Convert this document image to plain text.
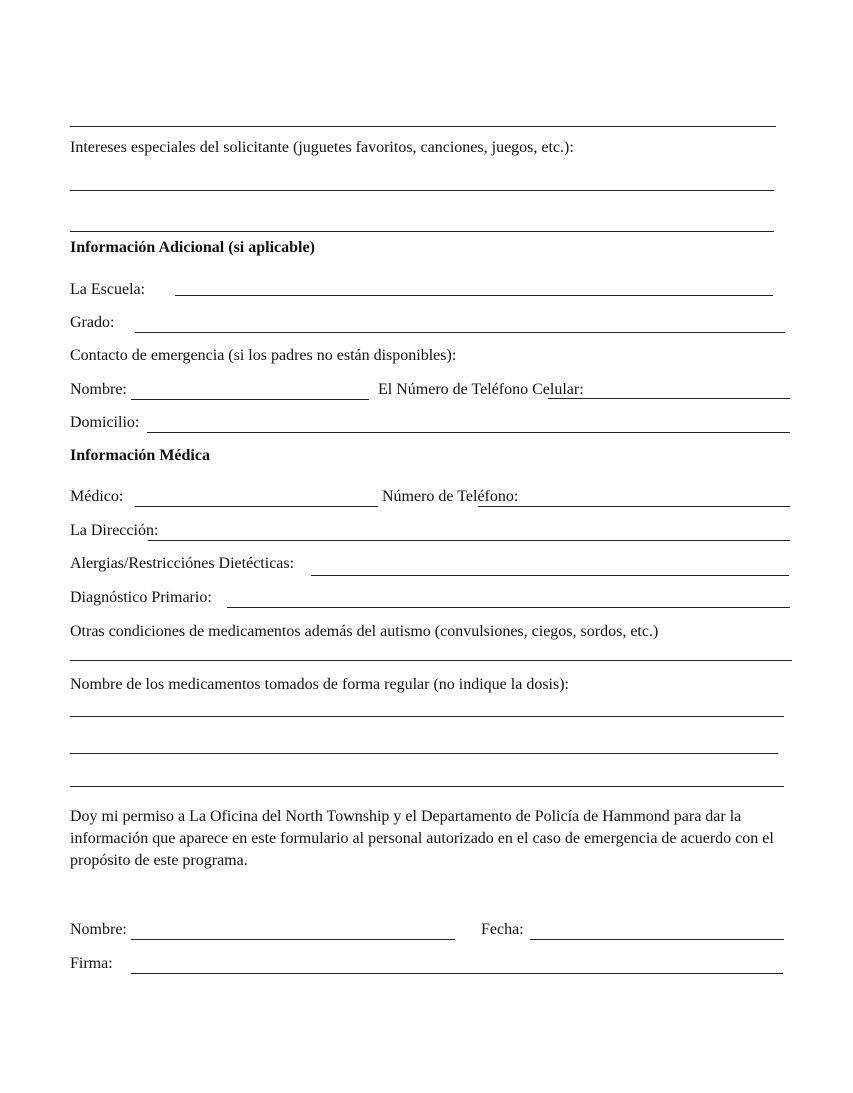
Intereses especiales del solicitante (juguetes favoritos, canciones, juegos, etc.):
Información Adicional (si aplicable)
La Escuela:
Grado:
Contacto de emergencia (si los padres no están disponibles):
Nombre:	El Número de Teléfono Celular:
Domicilio:
Información Médica
Médico:	Número de Teléfono:
La Dirección:
Alergias/Restricciónes Dietécticas:
Diagnóstico Primario:
Otras condiciones de medicamentos además del autismo (convulsiones, ciegos, sordos, etc.)
Nombre de los medicamentos tomados de forma regular (no indique la dosis):
Doy mi permiso a La Oficina del North Township y el Departamento de Policía de Hammond para dar la información que aparece en este formulario al personal autorizado en el caso de emergencia de acuerdo con el propósito de este programa.
Nombre:	Fecha:
Firma:
